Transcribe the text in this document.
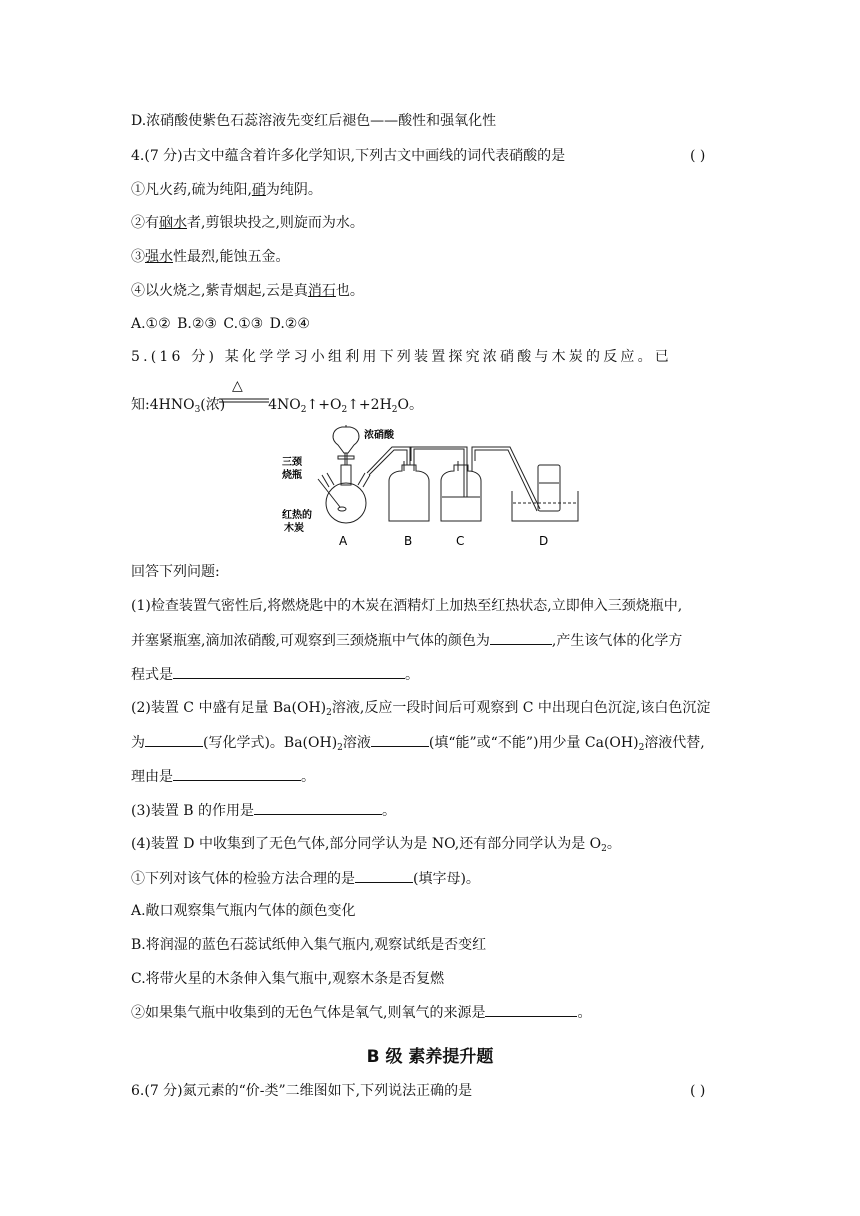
D.浓硝酸使紫色石蕊溶液先变红后褪色——酸性和强氧化性
4.(7 分)古文中蕴含着许多化学知识,下列古文中画线的词代表硝酸的是	( )
①凡火药,硫为纯阳,硝为纯阴。
②有硇水者,剪银块投之,则旋而为水。
③强水性最烈,能蚀五金。
④以火烧之,紫青烟起,云是真消石也。
A.①② B.②③ C.①③ D.②④
5.(16 分) 某化学学习小组利用下列装置探究浓硝酸与木炭的反应。已
△
知$:4HNO_3$(浓)	$4NO_2↑+O_2↑+2H_2O$。
浓硝酸
三颈
烧瓶
红热的
木炭
A	B	C	D
回答下列问题:
(1)检查装置气密性后,将燃烧匙中的木炭在酒精灯上加热至红热状态,立即伸入三颈烧瓶中,
并塞紧瓶塞,滴加浓硝酸,可观察到三颈烧瓶中气体的颜色为	,产生该气体的化学方
程式是	。
(2)装置 C 中盛有足量 $Ba(OH)_2$溶液,反应一段时间后可观察到 C 中出现白色沉淀,该白色沉淀
为	(写化学式)。$Ba(OH)_2$溶液	(填“能”或“不能”)用少量 $Ca(OH)_2$溶液代替,
理由是	。
(3)装置 B 的作用是	。
(4)装置 D 中收集到了无色气体,部分同学认为是 NO,还有部分同学认为是 $O_2$。
①下列对该气体的检验方法合理的是	(填字母)。
A.敞口观察集气瓶内气体的颜色变化
B.将润湿的蓝色石蕊试纸伸入集气瓶内,观察试纸是否变红
C.将带火星的木条伸入集气瓶中,观察木条是否复燃
②如果集气瓶中收集到的无色气体是氧气,则氧气的来源是	。
B 级 素养提升题
6.(7 分)氮元素的“价-类”二维图如下,下列说法正确的是	( )
